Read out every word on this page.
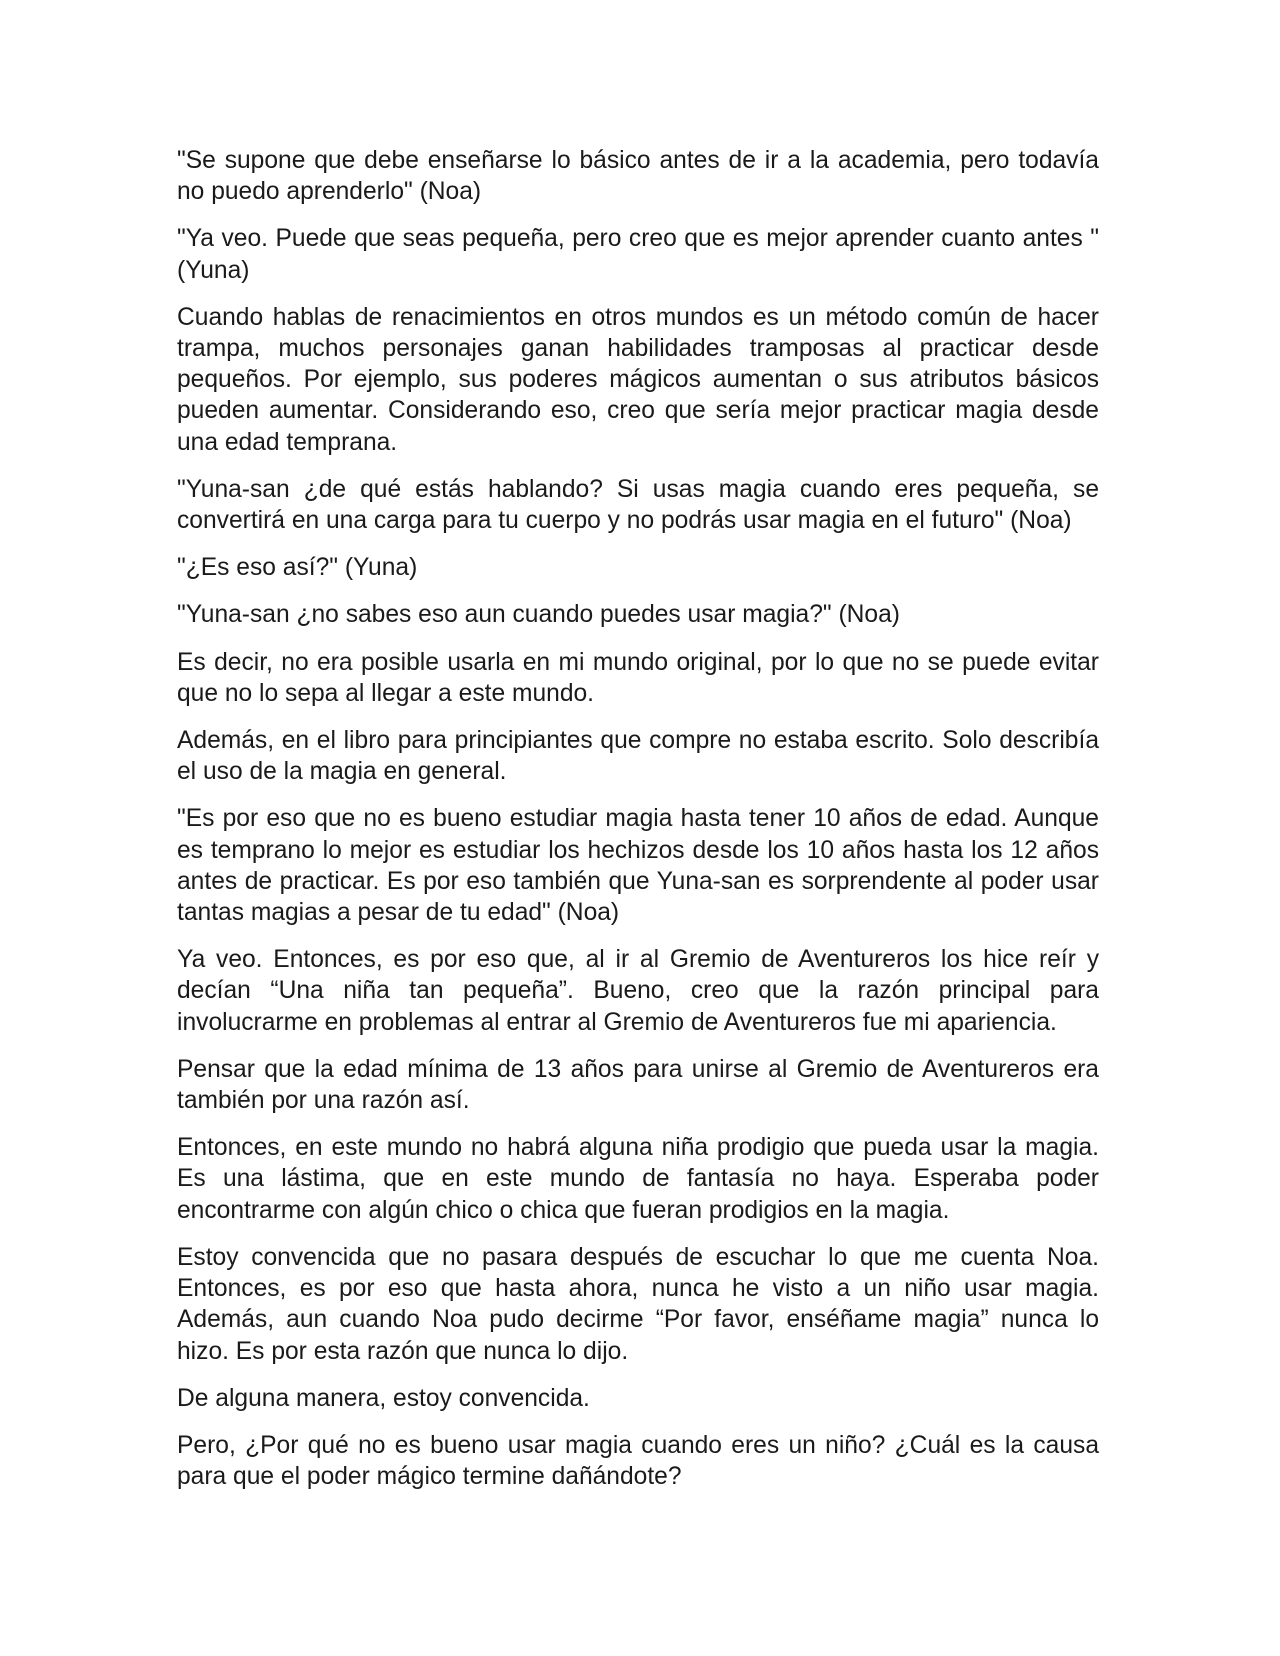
"Se supone que debe enseñarse lo básico antes de ir a la academia, pero todavía no puedo aprenderlo" (Noa)

"Ya veo. Puede que seas pequeña, pero creo que es mejor aprender cuanto antes " (Yuna)

Cuando hablas de renacimientos en otros mundos es un método común de hacer trampa, muchos personajes ganan habilidades tramposas al practicar desde pequeños. Por ejemplo, sus poderes mágicos aumentan o sus atributos básicos pueden aumentar. Considerando eso, creo que sería mejor practicar magia desde una edad temprana.

"Yuna-san ¿de qué estás hablando? Si usas magia cuando eres pequeña, se convertirá en una carga para tu cuerpo y no podrás usar magia en el futuro" (Noa)

"¿Es eso así?" (Yuna)

"Yuna-san ¿no sabes eso aun cuando puedes usar magia?" (Noa)

Es decir, no era posible usarla en mi mundo original, por lo que no se puede evitar que no lo sepa al llegar a este mundo.

Además, en el libro para principiantes que compre no estaba escrito. Solo describía el uso de la magia en general.

"Es por eso que no es bueno estudiar magia hasta tener 10 años de edad. Aunque es temprano lo mejor es estudiar los hechizos desde los 10 años hasta los 12 años antes de practicar. Es por eso también que Yuna-san es sorprendente al poder usar tantas magias a pesar de tu edad" (Noa)

Ya veo. Entonces, es por eso que, al ir al Gremio de Aventureros los hice reír y decían “Una niña tan pequeña”. Bueno, creo que la razón principal para involucrarme en problemas al entrar al Gremio de Aventureros fue mi apariencia.

Pensar que la edad mínima de 13 años para unirse al Gremio de Aventureros era también por una razón así.

Entonces, en este mundo no habrá alguna niña prodigio que pueda usar la magia. Es una lástima, que en este mundo de fantasía no haya. Esperaba poder encontrarme con algún chico o chica que fueran prodigios en la magia.

Estoy convencida que no pasara después de escuchar lo que me cuenta Noa. Entonces, es por eso que hasta ahora, nunca he visto a un niño usar magia. Además, aun cuando Noa pudo decirme “Por favor, enséñame magia” nunca lo hizo. Es por esta razón que nunca lo dijo.

De alguna manera, estoy convencida.

Pero, ¿Por qué no es bueno usar magia cuando eres un niño? ¿Cuál es la causa para que el poder mágico termine dañándote?
